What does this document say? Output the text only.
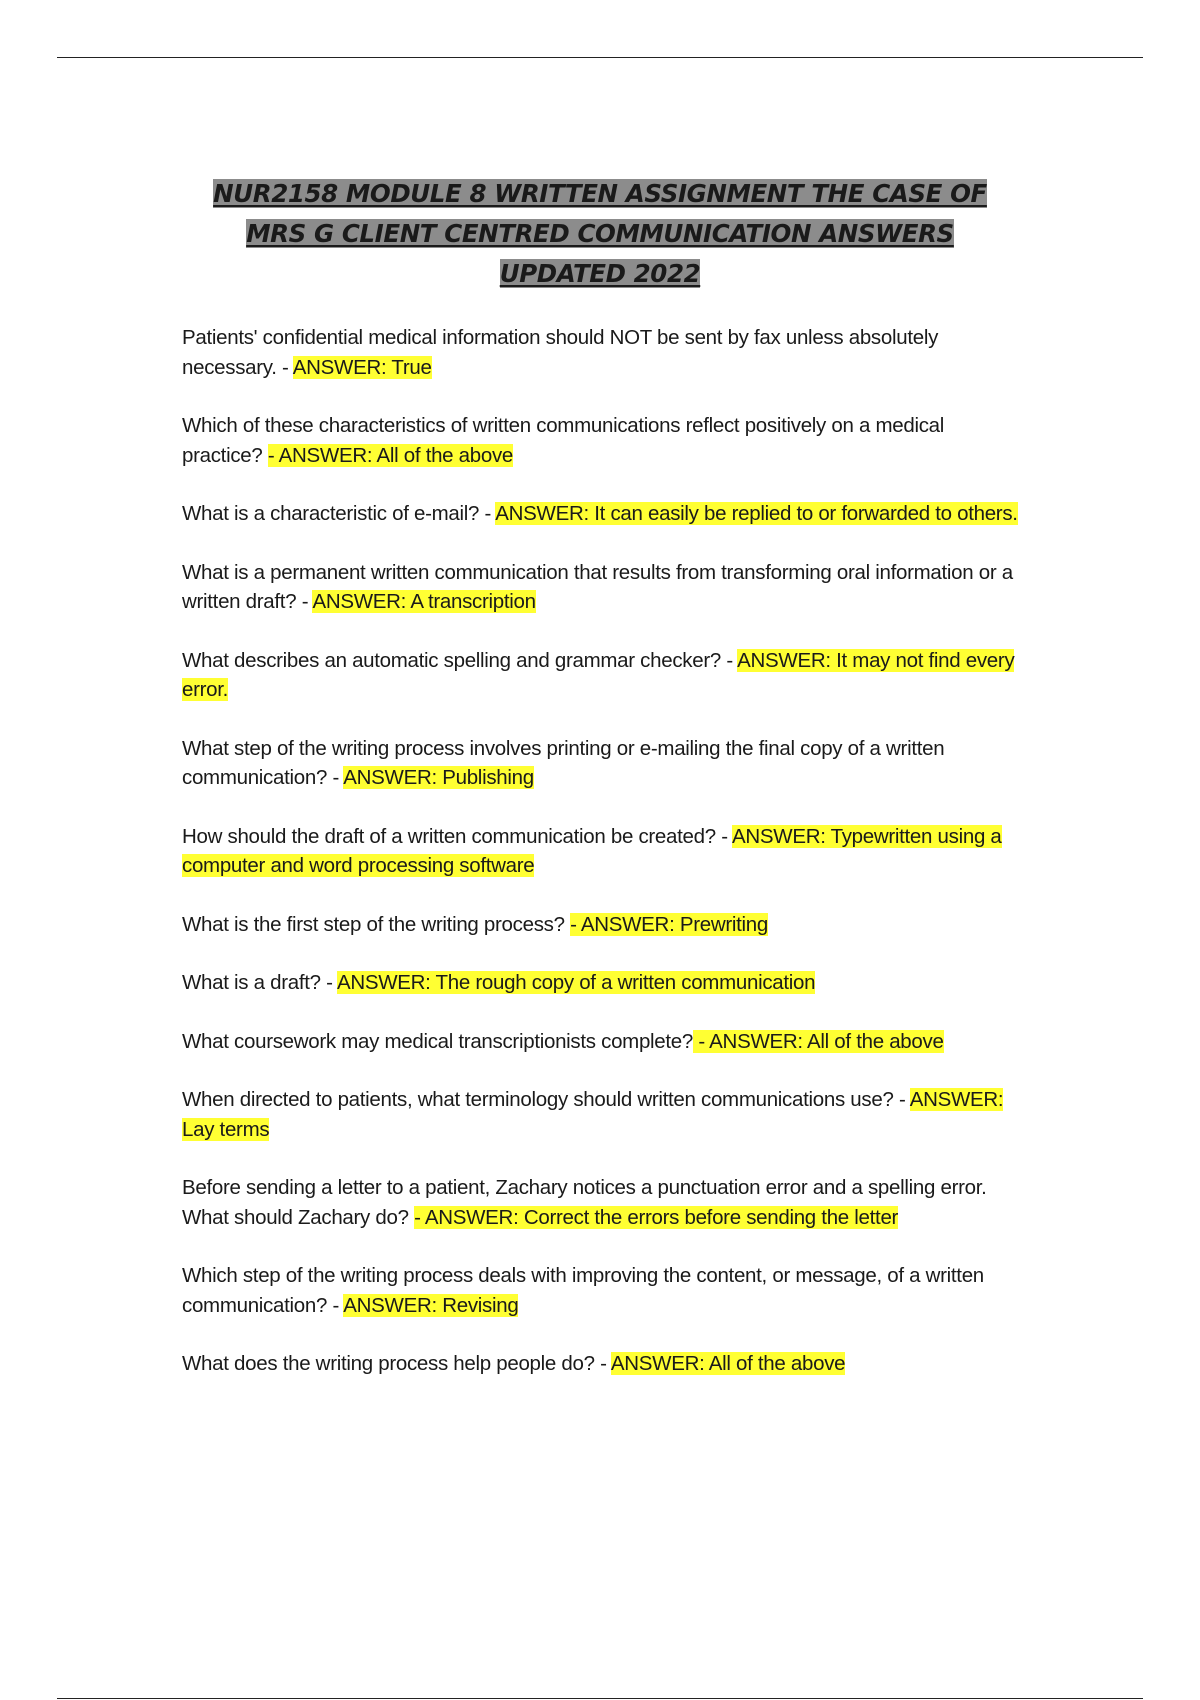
NUR2158 MODULE 8 WRITTEN ASSIGNMENT THE CASE OF
MRS G CLIENT CENTRED COMMUNICATION ANSWERS
UPDATED 2022

Patients' confidential medical information should NOT be sent by fax unless absolutely necessary. - ANSWER: True

Which of these characteristics of written communications reflect positively on a medical practice? - ANSWER: All of the above

What is a characteristic of e-mail? - ANSWER: It can easily be replied to or forwarded to others.

What is a permanent written communication that results from transforming oral information or a written draft? - ANSWER: A transcription

What describes an automatic spelling and grammar checker? - ANSWER: It may not find every error.

What step of the writing process involves printing or e-mailing the final copy of a written communication? - ANSWER: Publishing

How should the draft of a written communication be created? - ANSWER: Typewritten using a computer and word processing software

What is the first step of the writing process? - ANSWER: Prewriting

What is a draft? - ANSWER: The rough copy of a written communication

What coursework may medical transcriptionists complete? - ANSWER: All of the above

When directed to patients, what terminology should written communications use? - ANSWER: Lay terms

Before sending a letter to a patient, Zachary notices a punctuation error and a spelling error. What should Zachary do? - ANSWER: Correct the errors before sending the letter

Which step of the writing process deals with improving the content, or message, of a written communication? - ANSWER: Revising

What does the writing process help people do? - ANSWER: All of the above
